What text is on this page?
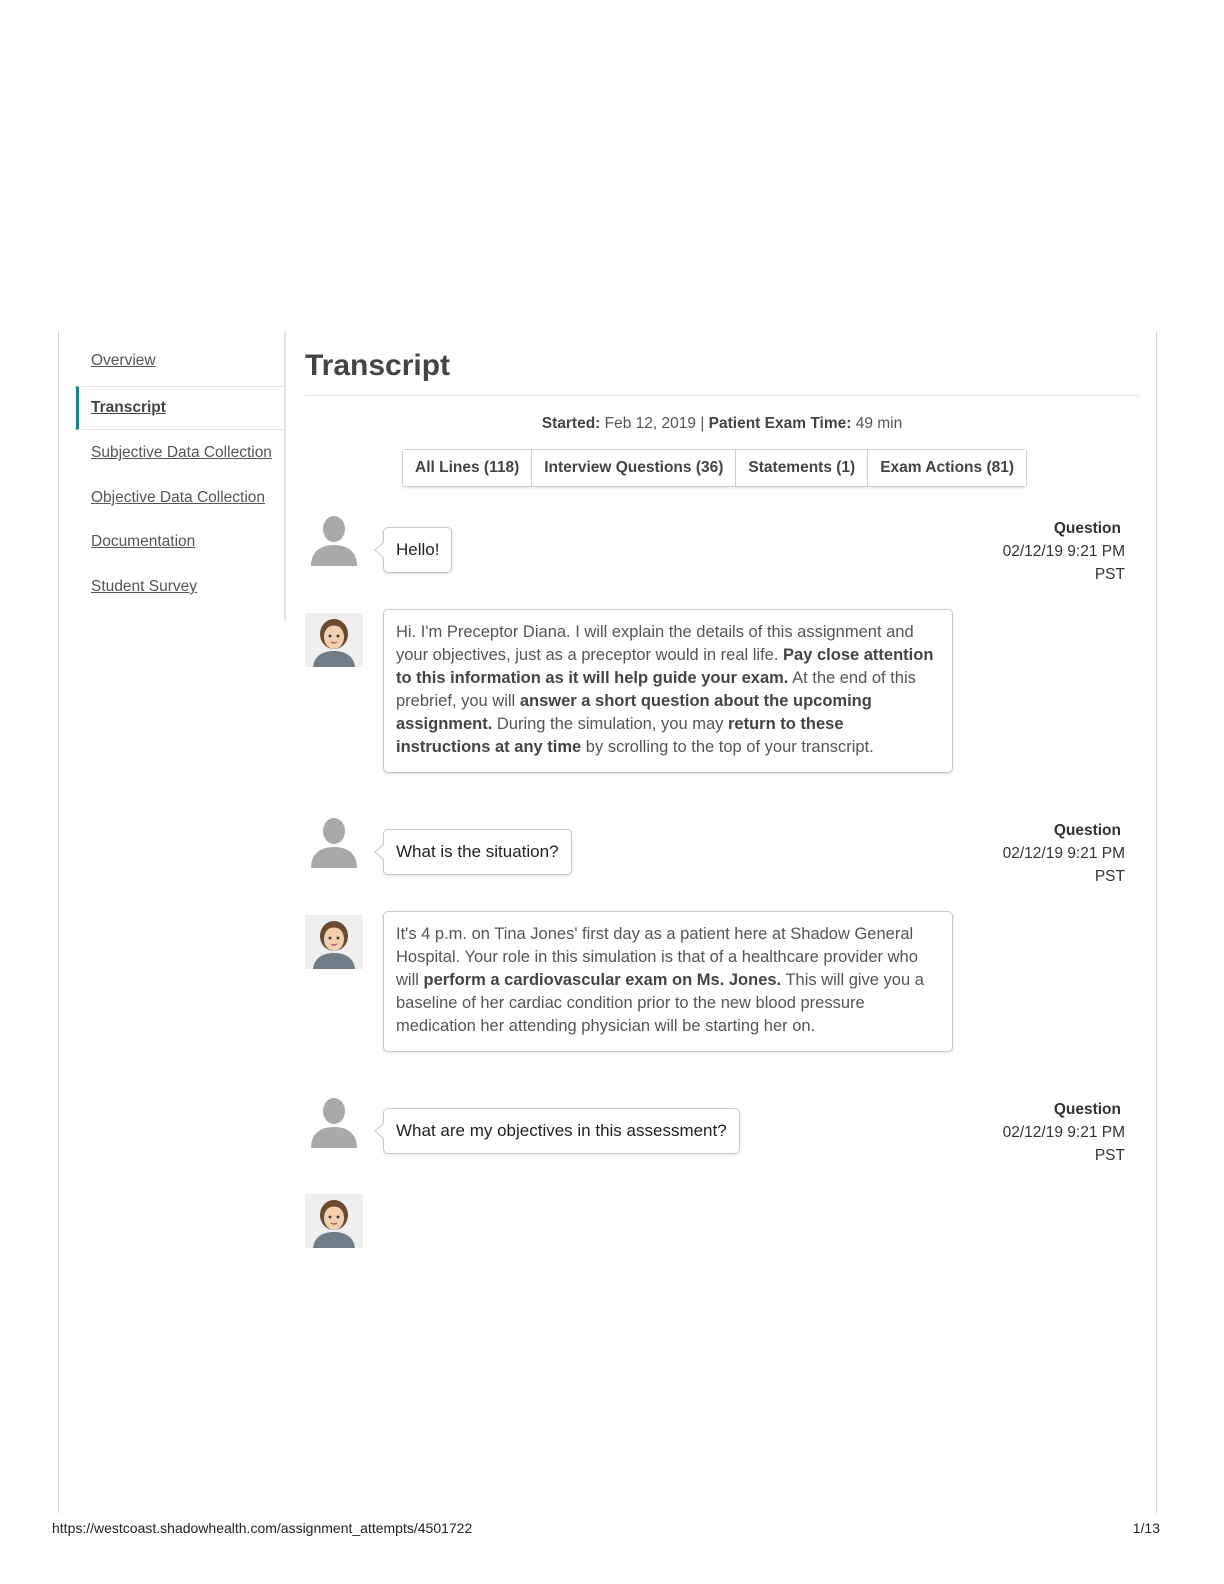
Overview
Transcript
Subjective Data Collection
Objective Data Collection
Documentation
Student Survey
Transcript
Started: Feb 12, 2019 | Patient Exam Time: 49 min
All Lines (118)	Interview Questions (36)	Statements (1)	Exam Actions (81)
Hello!
Question
02/12/19 9:21 PM
PST
Hi. I'm Preceptor Diana. I will explain the details of this assignment and your objectives, just as a preceptor would in real life. Pay close attention to this information as it will help guide your exam. At the end of this prebrief, you will answer a short question about the upcoming assignment. During the simulation, you may return to these instructions at any time by scrolling to the top of your transcript.
What is the situation?
Question
02/12/19 9:21 PM
PST
It's 4 p.m. on Tina Jones' first day as a patient here at Shadow General Hospital. Your role in this simulation is that of a healthcare provider who will perform a cardiovascular exam on Ms. Jones. This will give you a baseline of her cardiac condition prior to the new blood pressure medication her attending physician will be starting her on.
What are my objectives in this assessment?
Question
02/12/19 9:21 PM
PST
https://westcoast.shadowhealth.com/assignment_attempts/4501722	1/13
